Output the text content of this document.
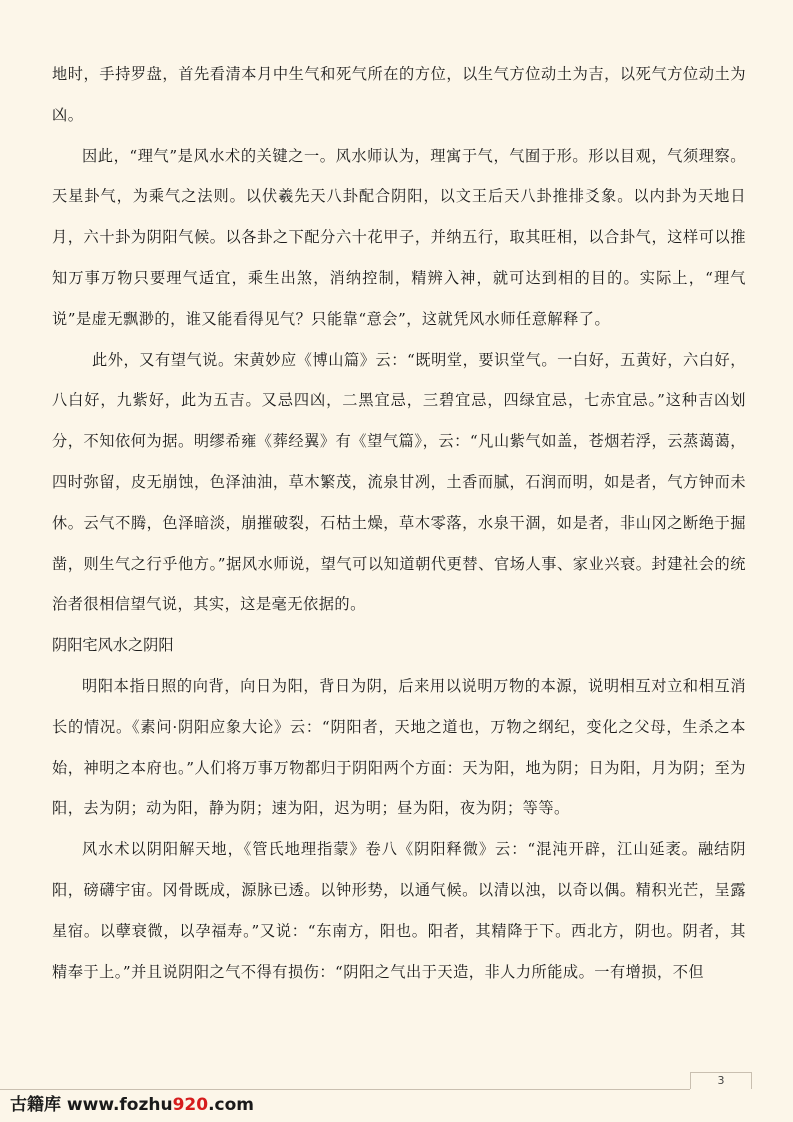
地时，手持罗盘，首先看清本月中生气和死气所在的方位，以生气方位动土为吉，以死气方位动土为凶。

因此，“理气”是风水术的关键之一。风水师认为，理寓于气，气囿于形。形以目观，气须理察。天星卦气，为乘气之法则。以伏羲先天八卦配合阴阳，以文王后天八卦推排爻象。以内卦为天地日月，六十卦为阴阳气候。以各卦之下配分六十花甲子，并纳五行，取其旺相，以合卦气，这样可以推知万事万物只要理气适宜，乘生出煞，消纳控制，精辨入神，就可达到相的目的。实际上，“理气说”是虚无飘渺的，谁又能看得见气？只能靠“意会”，这就凭风水师任意解释了。

此外，又有望气说。宋黄妙应《博山篇》云：“既明堂，要识堂气。一白好，五黄好，六白好，八白好，九紫好，此为五吉。又忌四凶，二黑宜忌，三碧宜忌，四绿宜忌，七赤宜忌。”这种吉凶划分，不知依何为据。明缪希雍《葬经翼》有《望气篇》，云：“凡山紫气如盖，苍烟若浮，云蒸蔼蔼，四时弥留，皮无崩蚀，色泽油油，草木繁茂，流泉甘冽，土香而腻，石润而明，如是者，气方钟而未休。云气不腾，色泽暗淡，崩摧破裂，石枯土燥，草木零落，水泉干涸，如是者，非山冈之断绝于掘凿，则生气之行乎他方。”据风水师说，望气可以知道朝代更替、官场人事、家业兴衰。封建社会的统治者很相信望气说，其实，这是毫无依据的。

阴阳宅风水之阴阳

明阳本指日照的向背，向日为阳，背日为阴，后来用以说明万物的本源，说明相互对立和相互消长的情况。《素问·阴阳应象大论》云：“阴阳者，天地之道也，万物之纲纪，变化之父母，生杀之本始，神明之本府也。”人们将万事万物都归于阴阳两个方面：天为阳，地为阴；日为阳，月为阴；至为阳，去为阴；动为阳，静为阴；速为阳，迟为明；昼为阳，夜为阴；等等。

风水术以阴阳解天地，《管氏地理指蒙》卷八《阴阳释微》云：“混沌开辟，江山延袤。融结阴阳，磅礴宇宙。冈骨既成，源脉已透。以钟形势，以通气候。以清以浊，以奇以偶。精积光芒，呈露星宿。以孽衰微，以孕福寿。”又说：“东南方，阳也。阳者，其精降于下。西北方，阴也。阴者，其精奉于上。”并且说阴阳之气不得有损伤：“阴阳之气出于天造，非人力所能成。一有增损，不但

3
古籍库 www.fozhu920.com
